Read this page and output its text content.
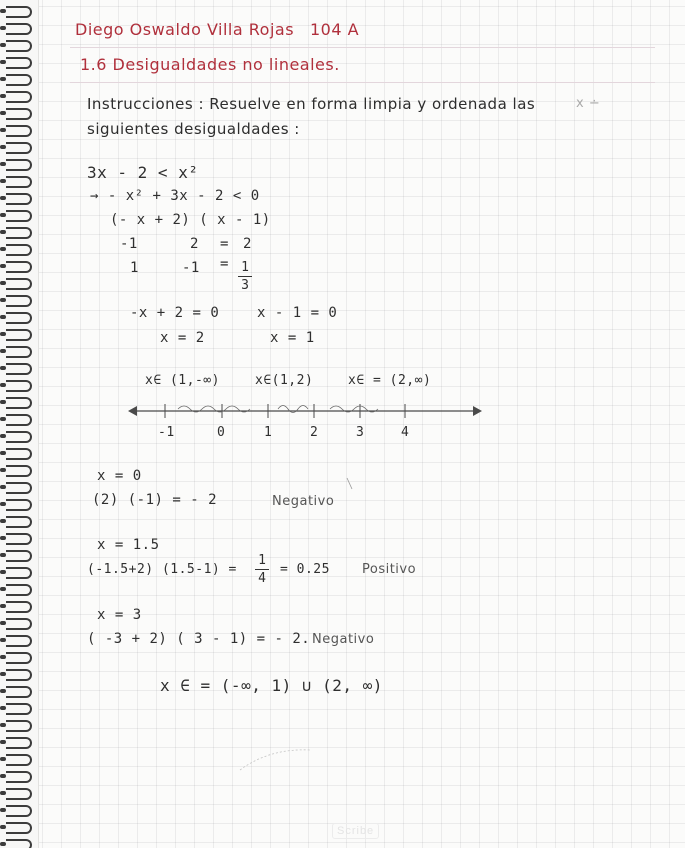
Diego Oswaldo Villa Rojas 104 A
1.6 Desigualdades no lineales.
Instrucciones : Resuelve en forma limpia y ordenada las
siguientes desigualdades :
x ∸
3x - 2 < x²
→ - x² + 3x - 2 < 0
(- x + 2) ( x - 1)
-1	2 = 2
1	-1 = 1
3
-x + 2 = 0
x = 2
x - 1 = 0
x = 1
x∈ (1,-∞)	x∈(1,2)	x∈ = (2,∞)
-1	0	1	2	3	4
x = 0
(2) (-1) = - 2	Negativo
x = 1.5
(-1.5+2) (1.5-1) =
1
4
= 0.25 Positivo
x = 3
( -3 + 2) ( 3 - 1) = - 2. Negativo
x ∈ = (-∞, 1) ∪ (2, ∞)
Scribe
